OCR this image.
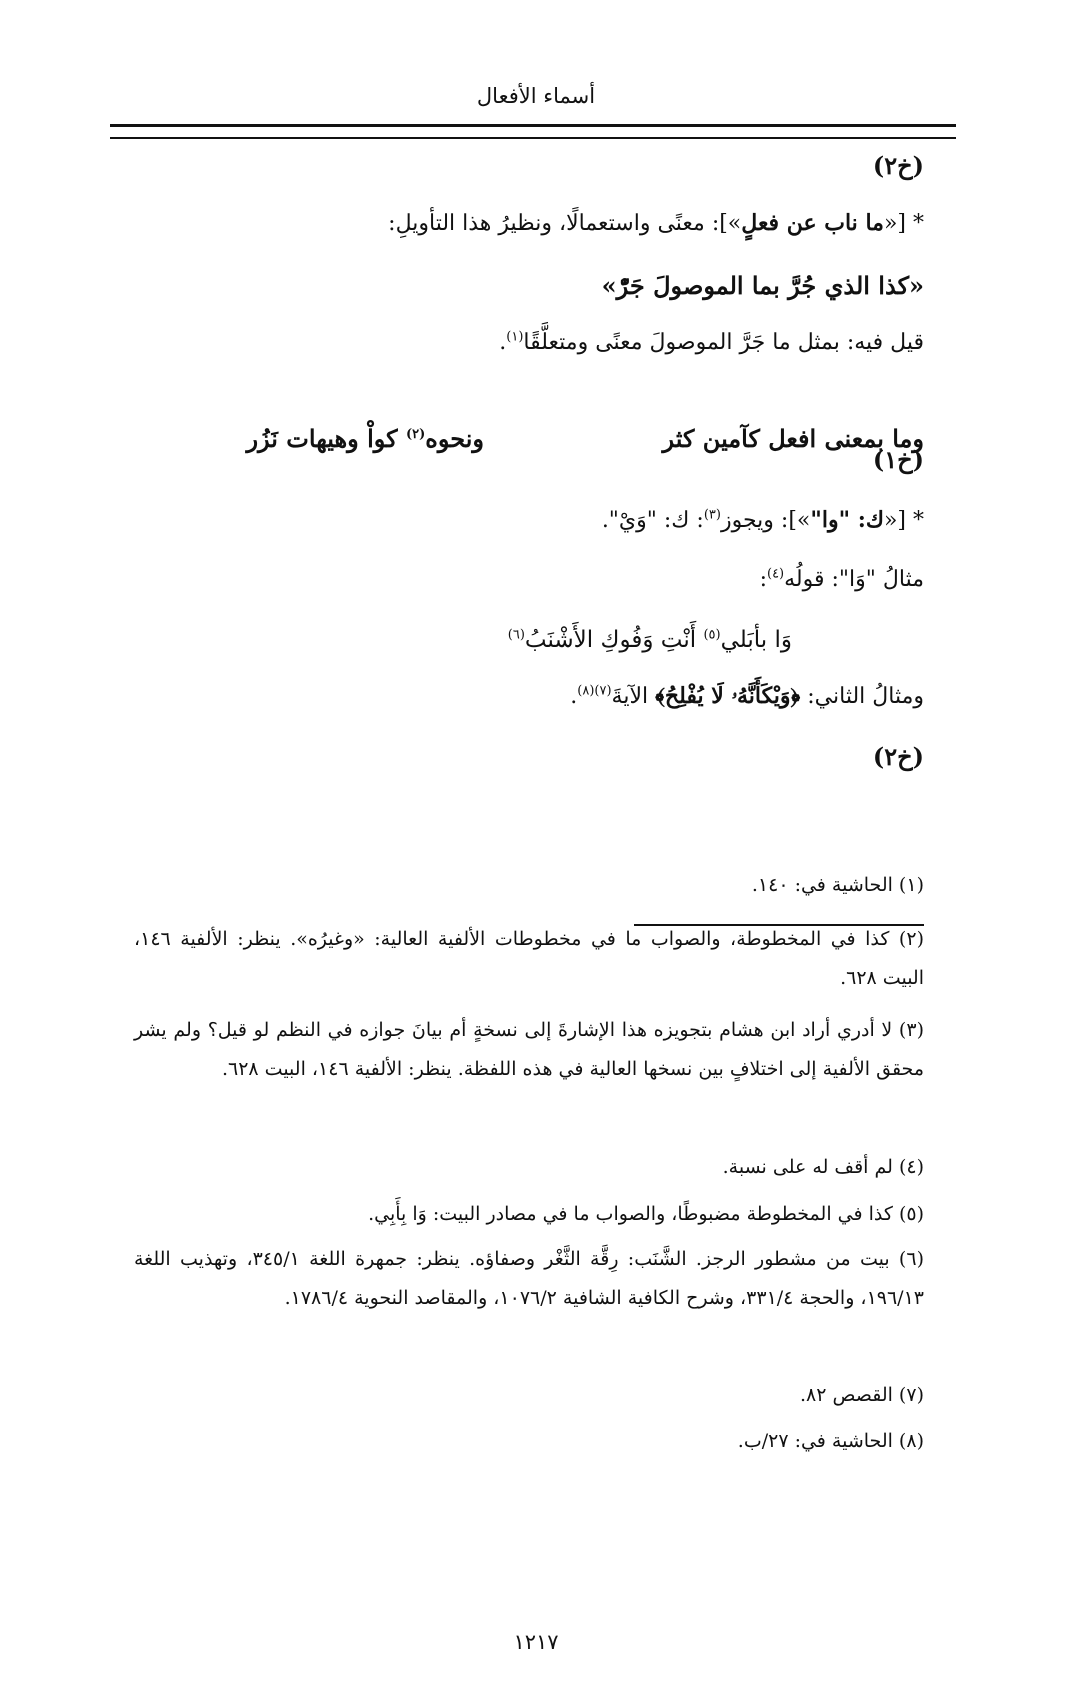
أسماء الأفعال
(خ٢)
* [«ما ناب عن فعلٍ»]: معنًى واستعمالًا، ونظيرُ هذا التأويلِ:
«كذا الذي جُرَّ بما الموصولَ جَرّْ»
قيل فيه: بمثل ما جَرَّ الموصولَ معنًى ومتعلَّقًا$^{(١)}$.
وما بمعنى افعل كآمين كثر
ونحوه$^{(٢)}$ كواْ وهيهات نَزُر
(خ١)
* [«ك: "وا"»]: ويجوز$^{(٣)}$: ك: "وَيْ".
مثالُ "وَا": قولُه$^{(٤)}$:
وَا بأبَلي$^{(٥)}$ أَنْتِ وَفُوكِ الأَشْنَبُ$^{(٦)}$
ومثالُ الثاني: ﴿وَيْكَأَنَّهُۥ لَا يُفْلِحُ﴾ الآيةَ$^{(٧)(٨)}$.
(خ٢)
(١) الحاشية في: ١٤٠.
(٢) كذا في المخطوطة، والصواب ما في مخطوطات الألفية العالية: «وغيرُه». ينظر: الألفية ١٤٦، البيت ٦٢٨.
(٣) لا أدري أراد ابن هشام بتجويزه هذا الإشارةَ إلى نسخةٍ أم بيانَ جوازه في النظم لو قيل؟ ولم يشر محقق الألفية إلى اختلافٍ بين نسخها العالية في هذه اللفظة. ينظر: الألفية ١٤٦، البيت ٦٢٨.
(٤) لم أقف له على نسبة.
(٥) كذا في المخطوطة مضبوطًا، والصواب ما في مصادر البيت: وَا بِأَبِي.
(٦) بيت من مشطور الرجز. الشَّنَب: رِقَّة الثَّغْر وصفاؤه. ينظر: جمهرة اللغة ٣٤٥/١، وتهذيب اللغة ١٩٦/١٣، والحجة ٣٣١/٤، وشرح الكافية الشافية ١٠٧٦/٢، والمقاصد النحوية ١٧٨٦/٤.
(٧) القصص ٨٢.
(٨) الحاشية في: ٢٧/ب.
١٢١٧
